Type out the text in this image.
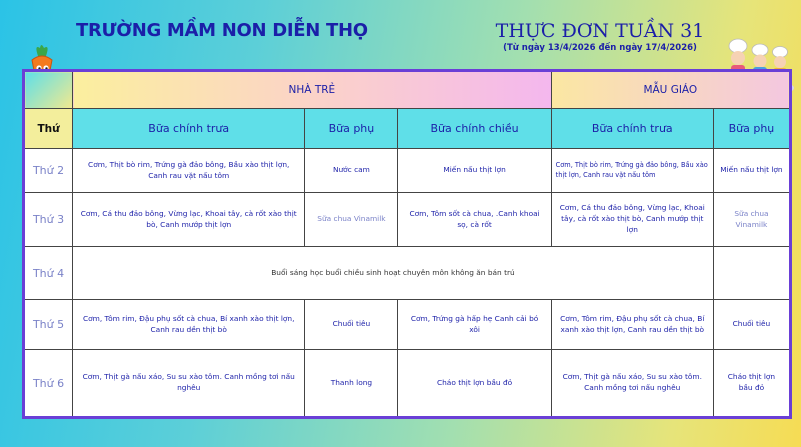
TRƯỜNG MẦM NON DIỄN THỌ	THỰC ĐƠN TUẦN 31
(Từ ngày 13/4/2026 đến ngày 17/4/2026)
	NHÀ TRẺ			MẪU GIÁO	
Thứ	Bữa chính trưa	Bữa phụ	Bữa chính chiều	Bữa chính trưa	Bữa phụ
Thứ 2	Cơm, Thịt bò rim, Trứng gà đảo bông, Bầu xào thịt lợn, Canh rau vặt nấu tôm	Nước cam	Miến nấu thịt lợn	Cơm, Thịt bò rim, Trứng gà đảo bông, Bầu xào thịt lợn, Canh rau vặt nấu tôm	Miến nấu thịt lợn
Thứ 3	Cơm, Cá thu đảo bông, Vừng lạc, Khoai tây, cà rốt xào thịt bò, Canh mướp thịt lợn	Sữa chua Vinamilk	Cơm, Tôm sốt cà chua, .Canh khoai sọ, cà rốt	Cơm, Cá thu đảo bông, Vừng lạc, Khoai tây, cà rốt xào thịt bò, Canh mướp thịt lợn	Sữa chua Vinamilk
Thứ 4	Buổi sáng học buổi chiều sinh hoạt chuyên môn không ăn bán trú				
Thứ 5	Cơm, Tôm rim, Đậu phụ sốt cà chua, Bí xanh xào thịt lợn, Canh rau dền thịt bò	Chuối tiêu	Cơm, Trứng gà hấp hẹ Canh cải bó xôi	Cơm, Tôm rim, Đậu phụ sốt cà chua, Bí xanh xào thịt lợn, Canh rau dền thịt bò	Chuối tiêu
Thứ 6	Cơm, Thịt gà nấu xáo, Su su xào tôm. Canh mồng tơi nấu nghêu	Thanh long	Cháo thịt lợn bầu đỏ	Cơm, Thịt gà nấu xáo, Su su xào tôm. Canh mồng tơi nấu nghêu	Cháo thịt lợn bầu đỏ
